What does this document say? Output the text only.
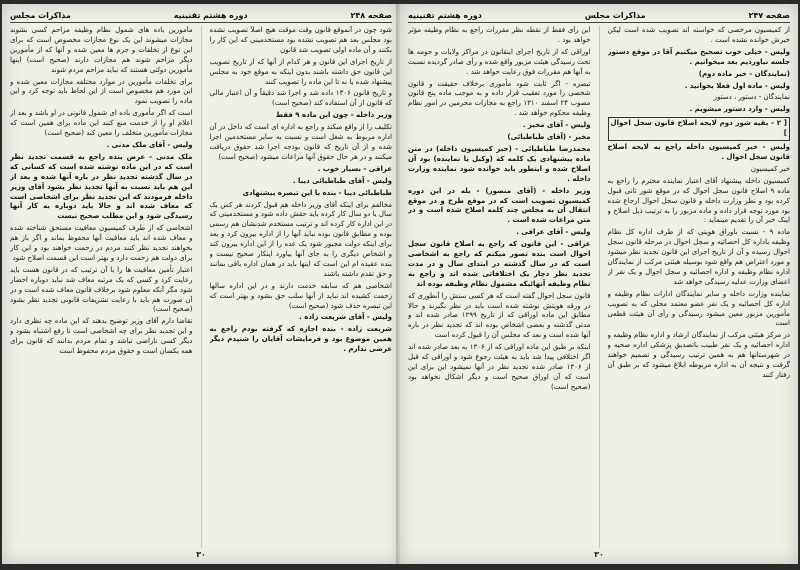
صفحه ۲۴۸
دوره هشتم تقنینیه
مذاکرات مجلس

شود چون در آنموقع قانون وقت موقت هیچ اصلاً تصویب نشده بود مجلس بعد هم تصویب نشده بود مستخدمینی که این کار را بکنند و آن ماده اولی تصویب شد قانون

از تاریخ اجرای این قانون و هر کدام از آنها که از تاریخ تصویب این قانون حق داشته باشند بدون اینکه به موقع خود به مجلس پیشنهاد شده یا نه تا این ماده را تصویب کنند

و تاریخ قانون ۱۳۰۶ داده شد و اجرا شد دقیقاً و آن اعتبار مالی که قانون از آن استفاده کند (صحیح است)

وزیر داخله - چون این ماده ۹ فقط

تکلیف را از واقع میکند و راجع به اداره ای است که داخل در آن اداره مربوط به شغل است و نسبت به سایر مستخدمین اجرا شده و از آن تاریخ که قانون بودجه اجرا شد حقوق دریافت میکنند و در هر حال حقوق آنها مراعات میشود (صحیح است)

عراقی - بسیار خوب .

وليس - آقای طباطبائی دیبا .

طباطبائی دیبا - بنده با این تبصره پیشنهادی

مخالفم برای اینکه آقای وزیر داخله هم قبول کردند هر کس یک سال یا دو سال کار کرده باید حقش داده شود و مستخدمینی که در این اداره کار کرده اند و ترتیب مستخدم شدنشان هم رسمی بوده و مطابق قانون بوده نباید آنها را از اداره بیرون کرد و بعد برای اینکه دولت مجبور شود یک عده را از این اداره بیرون کند و اشخاص دیگری را به جای آنها بیاورد اینکار صحیح نیست و بنده عقیده ام این است که اینها باید در همان اداره باقی بمانند و حق تقدم داشته باشند

اشخاصی هم که سابقه خدمت دارند و در این اداره سالها زحمت کشیده اند نباید از آنها سلب حق بشود و بهتر است که این تبصره حذف شود (صحیح است)

وليس - آقای شریعت زاده .

شریعت زاده - بنده اجازه که گرفته بودم راجع به همین موضوع بود و فرمایشات آقایان را شنیدم دیگر عرضی ندارم .

مأمورین باده های شمول نظام وظیفه مزاحم کسی بشوند مجازات میشوند این یک نوع مجازات مخصوص است که برای این نوع از تخلفات و جرم ها معین شده و آنها که از مأمورین دیگر مزاحم شوند هم مجازات دارند (صحیح است) اینها مأمورین دولتی هستند که نباید مزاحم مردم شوند

برای تخلفات مأمورین در موارد مختلفه مجازات معین شده و این مورد هم مخصوص است از این لحاظ باید توجه کرد و این ماده را تصویب نمود

است که اگر مأموری باده ای شمول قانونی در او باشد و بعد از اعلام او را از خدمت منع کنند این ماده برای همین است که مجازات مأمورین متخلف را معین کند (صحیح است)

وليس - آقای ملک مدنی .

ملک مدنی - عرض بنده راجع به قسمت تجدید نظر است که در این ماده نوشته شده است که کسانی که در سال گذشته تجدید نظر در باره آنها شده و بعد از این هم باید نسبت به آنها تجدید نظر بشود آقای وزیر داخله فرمودند که این تجدید نظر برای اشخاصی است که معاف شده اند و حالا باید دوباره به کار آنها رسیدگی شود و این مطلب صحیح نیست

اشخاصی که از طرف کمیسیون معافیت مستحق شناخته شده و معاف شده اند باید معافیت آنها محفوظ بماند و اگر باز هم بخواهند تجدید نظر کنند مردم در زحمت خواهند بود و این کار برای دولت هم زحمت دارد و بهتر است این قسمت اصلاح شود

اعتبار تأمین معافیت ها را با آن ترتیب که در قانون هست باید رعایت کرد و کسی که یک مرتبه معاف شد نباید دوباره احضار شود مگر آنکه معلوم شود برخلاف قانون معاف شده است و در آن صورت هم باید با رعایت تشریفات قانونی تجدید نظر بشود (صحیح است)

تقاضا دارم آقای وزیر توضیح بدهند که این ماده چه نظری دارد و این تجدید نظر برای چه اشخاصی است تا رفع اشتباه بشود و دیگر کسی ناراضی نباشد و تمام مردم بدانند که قانون برای همه یکسان است و حقوق مردم محفوظ است

۳۰
صفحه ۲۴۷
مذاکرات مجلس
دوره هشتم تقنینیه

از کمیسیون مرخصی که خواسته اند تصویب شده است لیکن خبرش خوانده نشده است .

وليس - خیلی خوب تصحیح میکنیم آقا در موقع دستور جلسه نیاوردیم بعد میخوانیم .

(نمایندگان - خیر ماده دوم)

وليس - ماده اول فعلا بخوانید .

نمایندگان - دستور ، دستور

وليس - وارد دستور میشویم .

[ ۲ - بقیه شور دوم لایحه اصلاح قانون سجل احوال ]

وليس - خبر کمیسیون داخله راجع به لایحه اصلاح قانون سجل احوال .

خبر کمیسیون

کمیسیون داخله پیشنهاد آقای اعتبار نماینده محترم را راجع به ماده ۹ اصلاح قانون سجل احوال که در موقع شور ثانی قبول کرده بود و نظر وزارت داخله و قانون سجل احوال ارجاع شده بود مورد توجه قرار داده و ماده مزبور را به ترتیب ذیل اصلاح و اینک خبر آن را تقدیم مینماید :

ماده ۹ - نسبت باوراق هویتی که از طرف اداره کل نظام وظیفه باداره کل احصائیه و سجل احوال در مرحله قانون سجل احوال رسیده و آن از تاریخ اجرای این قانون تجدید نظر میشود و مورد اعتراض هم واقع شود بوسیله هیئتی مرکب از نمایندگان اداره نظام وظیفه و اداره احصائیه و سجل احوال و یک نفر از اعضای وزارت عدلیه رسیدگی خواهد شد

نماینده وزارت داخله و سایر نمایندگان ادارات نظام وظیفه و اداره کل احصائیه و یک نفر عضو معتمد محلی که به تصویب مأمورین مزبور معین میشود رسیدگی و رأی آن هیئت قطعی است

در مرکز هیئتی مرکب از نمایندگان ارشاد و اداره نظام وظیفه و اداره احصائیه و یک نفر طبیب باتصدیق پزشکی اداره صحیه و در شهرستانها هم به همین ترتیب رسیدگی و تصمیم خواهند گرفت و نتیجه آن به اداره مربوطه ابلاغ میشود که بر طبق آن رفتار کنند

این رأی فقط از نقطه نظر مقررات راجع به نظام وظیفه مؤثر خواهد بود .

اوراقی که از تاریخ اجرای اینقانون در مراکز ولایات و حومه ها تحت رسیدگی هیئت مزبور واقع شده و رأی صادر گردیده نسبت به آنها هم مقررات فوق رعایت خواهد شد .

تبصره - اگر ثابت شود مأموری برخلاف حقیقت و قانون شخصی را مورد تعقیب قرار داده و به موجب ماده پنج قانون مصوب ۲۴ اسفند ۱۳۱۰ راجع به مجازات مجرمین در امور نظام وظیفه محکوم خواهد شد .

وليس - آقای مخبر .

مخبر - (آقای طباطبائی)

محمدرضا طباطبائی - (خبر کمیسیون داخله) در متن ماده پیشنهادی یک کلمه که (وکیل یا نماینده) بود آن اصلاح شده و اینطور باید خوانده شود نماینده وزارت داخله .

وزیر داخله - (آقای منصور) - بله در این دوره کمیسیون تصویب است که در موقع طرح و در موقع انتقال آن به مجلس چند کلمه اصلاح شده است و در متن مراعات شده است .

وليس - آقای عراقی .

عراقی - این قانون که راجع به اصلاح قانون سجل احوال است بنده تصور میکنم که راجع به اشخاصی است که در سال گذشته در ابتدای سال و در مدت تجدید نظر دچار یک اختلافاتی شده اند و راجع به نظام وظیفه آنهائیکه مشمول نظام وظیفه بوده اند

قانون سجل احوال گفته است که هر کسی سنش را آنطوری که در ورقه هویتش نوشته شده است باید در نظر بگیرند و حالا مطابق این ماده اوراقی که از تاریخ ۱۲۹۹ صادر شده اند و مدتی گذشته و بعضی اشخاص بوده اند که تجدید نظر در باره آنها شده است و بعد که مجلس آن را قبول کرده است

اینکه بر طبق این ماده اوراقی که از ۱۳۰۶ به بعد صادر شده اند اگر اختلافی پیدا شد باید به هیئت رجوع شود و اوراقی که قبل از ۱۳۰۶ صادر شده تجدید نظر در آنها نمیشود این برای این است که آن اوراق صحیح است و دیگر اشکال نخواهد بود (صحیح است)

۳۰
